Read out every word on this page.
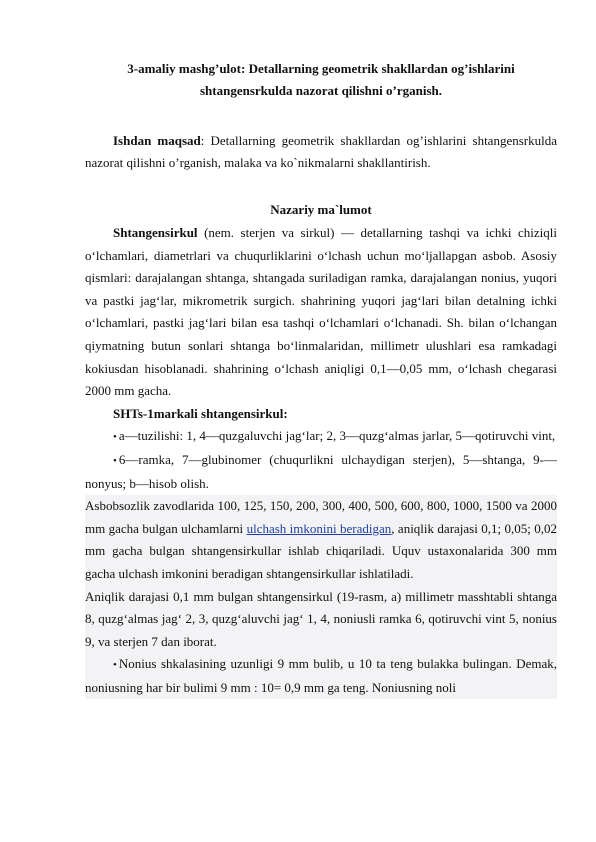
3-amaliy mashg’ulot: Detallarning geometrik shakllardan og’ishlarini
shtangensrkulda nazorat qilishni o’rganish.
Ishdan maqsad: Detallarning geometrik shakllardan og’ishlarini shtangensrkulda nazorat qilishni o’rganish, malaka va ko`nikmalarni shakllantirish.
Nazariy ma`lumot

Shtangensirkul (nem. sterjen va sirkul) — detallarning tashqi va ichki chiziqli o‘lchamlari, diametrlari va chuqurliklarini o‘lchash uchun mo‘ljallapgan asbob. Asosiy qismlari: darajalangan shtanga, shtangada suriladigan ramka, darajalangan nonius, yuqori va pastki jag‘lar, mikrometrik surgich. shahrining yuqori jag‘lari bilan detalning ichki o‘lchamlari, pastki jag‘lari bilan esa tashqi o‘lchamlari o‘lchanadi. Sh. bilan o‘lchangan qiymatning butun sonlari shtanga bo‘linmalaridan, millimetr ulushlari esa ramkadagi kokiusdan hisoblanadi. shahrining o‘lchash aniqligi 0,1—0,05 mm, o‘lchash chegarasi 2000 mm gacha.

SHTs-1markali shtangensirkul:

• a—tuzilishi: 1, 4—quzgaluvchi jag‘lar; 2, 3—quzg‘almas jarlar, 5—qotiruvchi vint,

• 6—ramka, 7—glubinomer (chuqurlikni ulchaydigan sterjen), 5—shtanga, 9-— nonyus; b—hisob olish.

Asbobsozlik zavodlarida 100, 125, 150, 200, 300, 400, 500, 600, 800, 1000, 1500 va 2000 mm gacha bulgan ulchamlarni ulchash imkonini beradigan, aniqlik darajasi 0,1; 0,05; 0,02 mm gacha bulgan shtangensirkullar ishlab chiqariladi. Uquv ustaxonalarida 300 mm gacha ulchash imkonini beradigan shtangensirkullar ishlatiladi.

Aniqlik darajasi 0,1 mm bulgan shtangensirkul (19-rasm, a) millimetr masshtabli shtanga 8, quzg‘almas jag‘ 2, 3, quzg‘aluvchi jag‘ 1, 4, noniusli ramka 6, qotiruvchi vint 5, nonius 9, va sterjen 7 dan iborat.

• Nonius shkalasining uzunligi 9 mm bulib, u 10 ta teng bulakka bulingan. Demak, noniusning har bir bulimi 9 mm : 10= 0,9 mm ga teng. Noniusning noli
